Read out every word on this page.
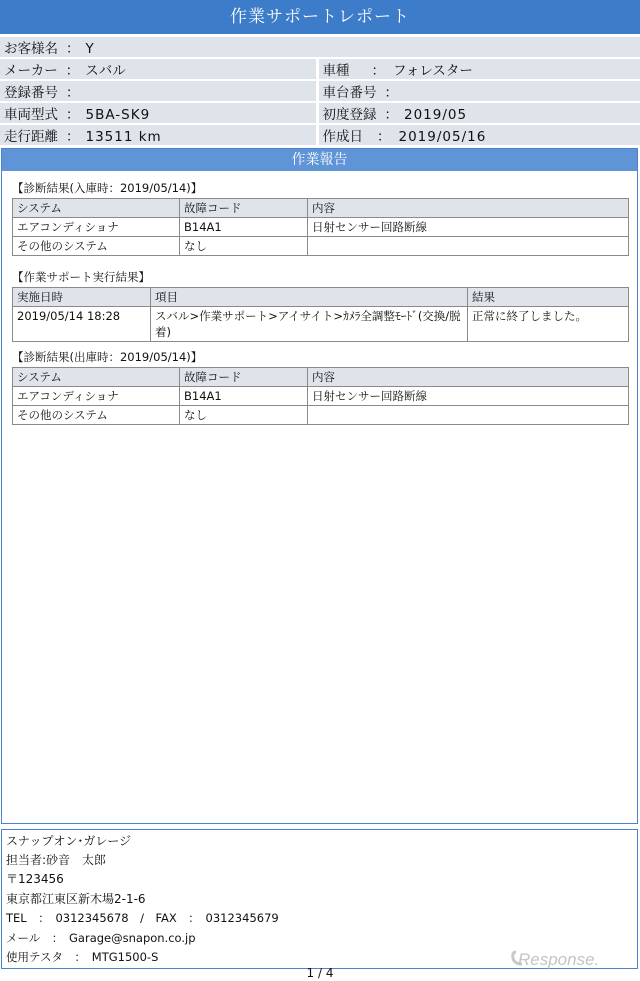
作業サポートレポート
お客様名 ： Y	
メーカー ： スバル	車種 ： フォレスター
登録番号 ：	車台番号 ：
車両型式 ： 5BA-SK9	初度登録 ： 2019/05
走行距離 ： 13511 km	作成日 ： 2019/05/16
作業報告
【診断結果(入庫時：2019/05/14)】
システム	故障コード	内容
エアコンディショナ	B14A1	日射センサー回路断線
その他のシステム	なし	
【作業サポート実行結果】
実施日時	項目	結果
2019/05/14 18:28	スバル>作業サポート>アイサイト>ｶﾒﾗ全調整ﾓｰﾄﾞ(交換/脱着)	正常に終了しました。
【診断結果(出庫時：2019/05/14)】
システム	故障コード	内容
エアコンディショナ	B14A1	日射センサー回路断線
その他のシステム	なし	
スナップオン･ガレージ
担当者:砂音　太郎
〒123456
東京都江東区新木場2-1-6
TEL　：　0312345678　/　FAX　：　0312345679
メール　：　Garage@snapon.co.jp
使用テスタ　：　MTG1500-S	Response.
1 / 4
